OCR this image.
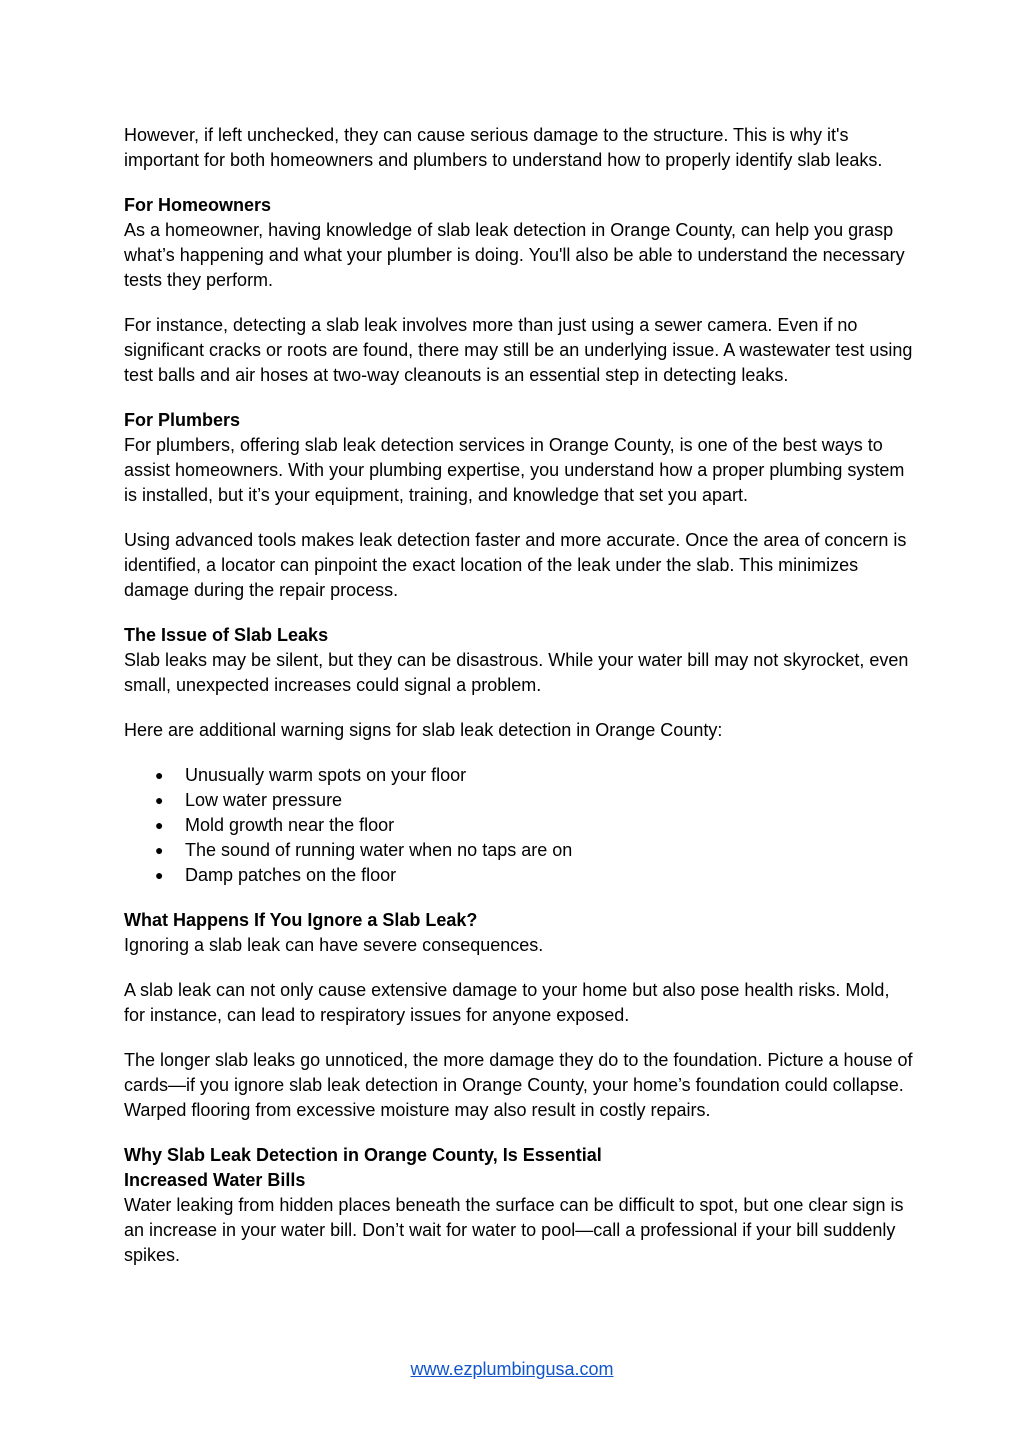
However, if left unchecked, they can cause serious damage to the structure. This is why it's important for both homeowners and plumbers to understand how to properly identify slab leaks.

For Homeowners
As a homeowner, having knowledge of slab leak detection in Orange County, can help you grasp what’s happening and what your plumber is doing. You'll also be able to understand the necessary tests they perform.

For instance, detecting a slab leak involves more than just using a sewer camera. Even if no significant cracks or roots are found, there may still be an underlying issue. A wastewater test using test balls and air hoses at two-way cleanouts is an essential step in detecting leaks.

For Plumbers
For plumbers, offering slab leak detection services in Orange County, is one of the best ways to assist homeowners. With your plumbing expertise, you understand how a proper plumbing system is installed, but it’s your equipment, training, and knowledge that set you apart.

Using advanced tools makes leak detection faster and more accurate. Once the area of concern is identified, a locator can pinpoint the exact location of the leak under the slab. This minimizes damage during the repair process.

The Issue of Slab Leaks
Slab leaks may be silent, but they can be disastrous. While your water bill may not skyrocket, even small, unexpected increases could signal a problem.

Here are additional warning signs for slab leak detection in Orange County:

● Unusually warm spots on your floor
● Low water pressure
● Mold growth near the floor
● The sound of running water when no taps are on
● Damp patches on the floor
What Happens If You Ignore a Slab Leak?
Ignoring a slab leak can have severe consequences.

A slab leak can not only cause extensive damage to your home but also pose health risks. Mold, for instance, can lead to respiratory issues for anyone exposed.

The longer slab leaks go unnoticed, the more damage they do to the foundation. Picture a house of cards—if you ignore slab leak detection in Orange County, your home’s foundation could collapse. Warped flooring from excessive moisture may also result in costly repairs.

Why Slab Leak Detection in Orange County, Is Essential
Increased Water Bills
Water leaking from hidden places beneath the surface can be difficult to spot, but one clear sign is an increase in your water bill. Don’t wait for water to pool—call a professional if your bill suddenly spikes.
www.ezplumbingusa.com
